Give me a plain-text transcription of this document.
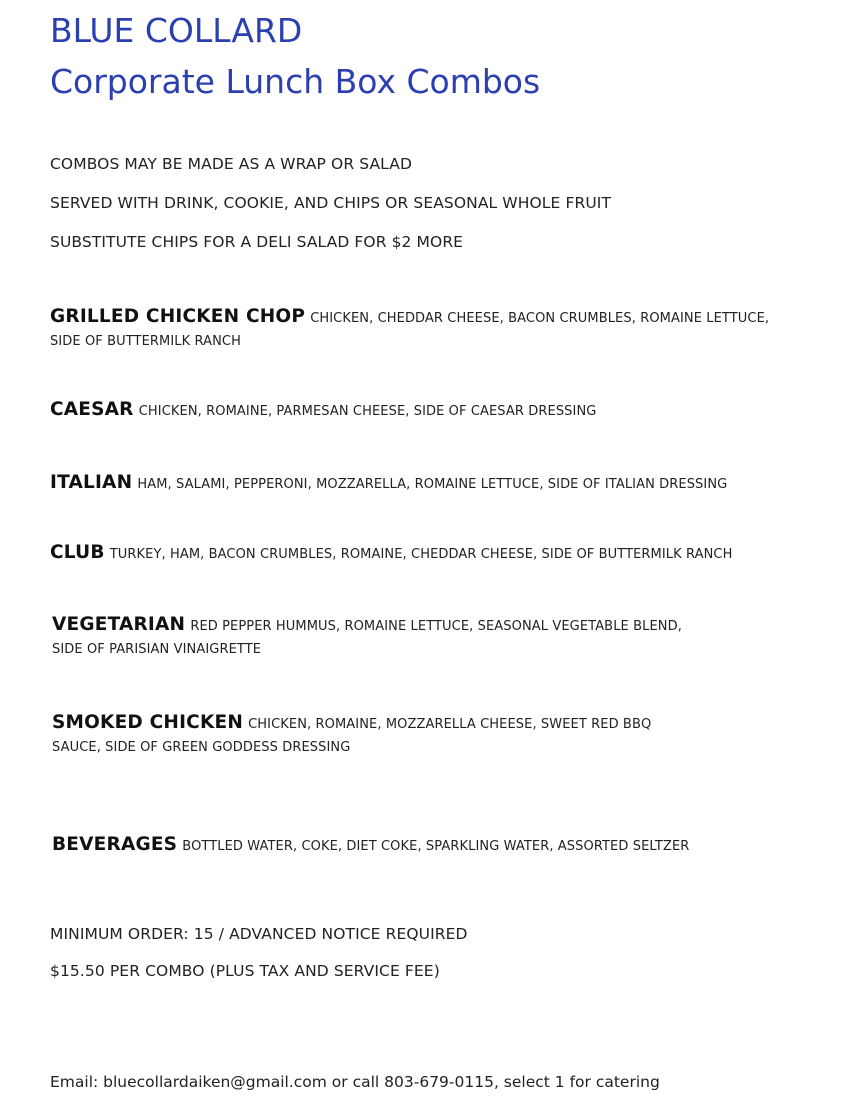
BLUE COLLARD
Corporate Lunch Box Combos
COMBOS MAY BE MADE AS A WRAP OR SALAD
SERVED WITH DRINK, COOKIE, AND CHIPS OR SEASONAL WHOLE FRUIT
SUBSTITUTE CHIPS FOR A DELI SALAD FOR $2 MORE
GRILLED CHICKEN CHOP CHICKEN, CHEDDAR CHEESE, BACON CRUMBLES, ROMAINE LETTUCE, SIDE OF BUTTERMILK RANCH
CAESAR CHICKEN, ROMAINE, PARMESAN CHEESE, SIDE OF CAESAR DRESSING
ITALIAN HAM, SALAMI, PEPPERONI, MOZZARELLA, ROMAINE LETTUCE, SIDE OF ITALIAN DRESSING
CLUB TURKEY, HAM, BACON CRUMBLES, ROMAINE, CHEDDAR CHEESE, SIDE OF BUTTERMILK RANCH
VEGETARIAN RED PEPPER HUMMUS, ROMAINE LETTUCE, SEASONAL VEGETABLE BLEND, SIDE OF PARISIAN VINAIGRETTE
SMOKED CHICKEN CHICKEN, ROMAINE, MOZZARELLA CHEESE, SWEET RED BBQ SAUCE, SIDE OF GREEN GODDESS DRESSING
BEVERAGES BOTTLED WATER, COKE, DIET COKE, SPARKLING WATER, ASSORTED SELTZER
MINIMUM ORDER: 15 / ADVANCED NOTICE REQUIRED
$15.50 PER COMBO (PLUS TAX AND SERVICE FEE)
Email: bluecollardaiken@gmail.com or call 803-679-0115, select 1 for catering
